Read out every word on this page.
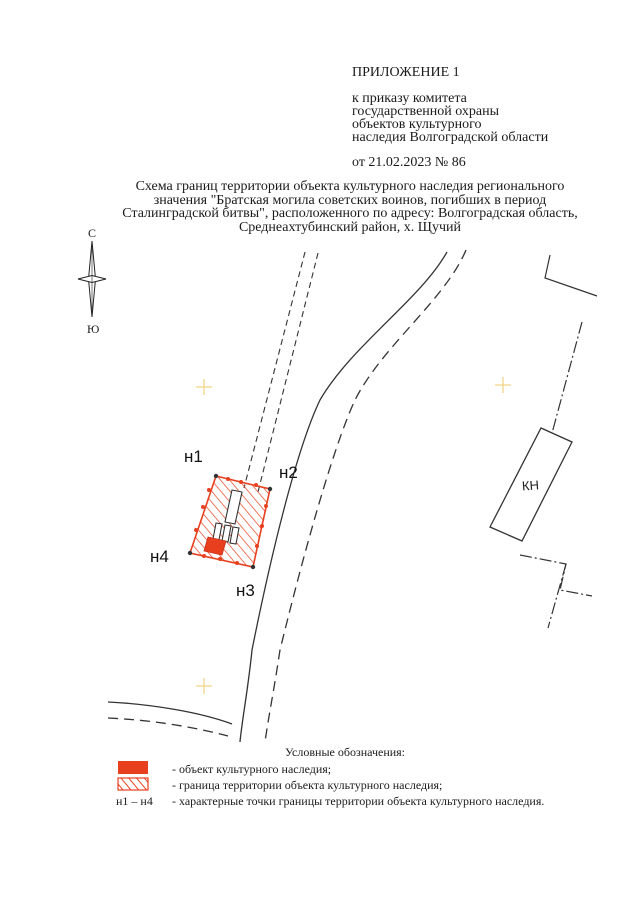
ПРИЛОЖЕНИЕ 1
к приказу комитета
государственной охраны
объектов культурного
наследия Волгоградской области
от 21.02.2023 № 86
Схема границ территории объекта культурного наследия регионального
значения "Братская могила советских воинов, погибших в период
Сталинградской битвы", расположенного по адресу: Волгоградская область,
Среднеахтубинский район, х. Щучий
С
Ю
КН
н1
н2
н3
н4
Условные обозначения:
- объект культурного наследия;
- граница территории объекта культурного наследия;
н1 – н4 - характерные точки границы территории объекта культурного наследия.
